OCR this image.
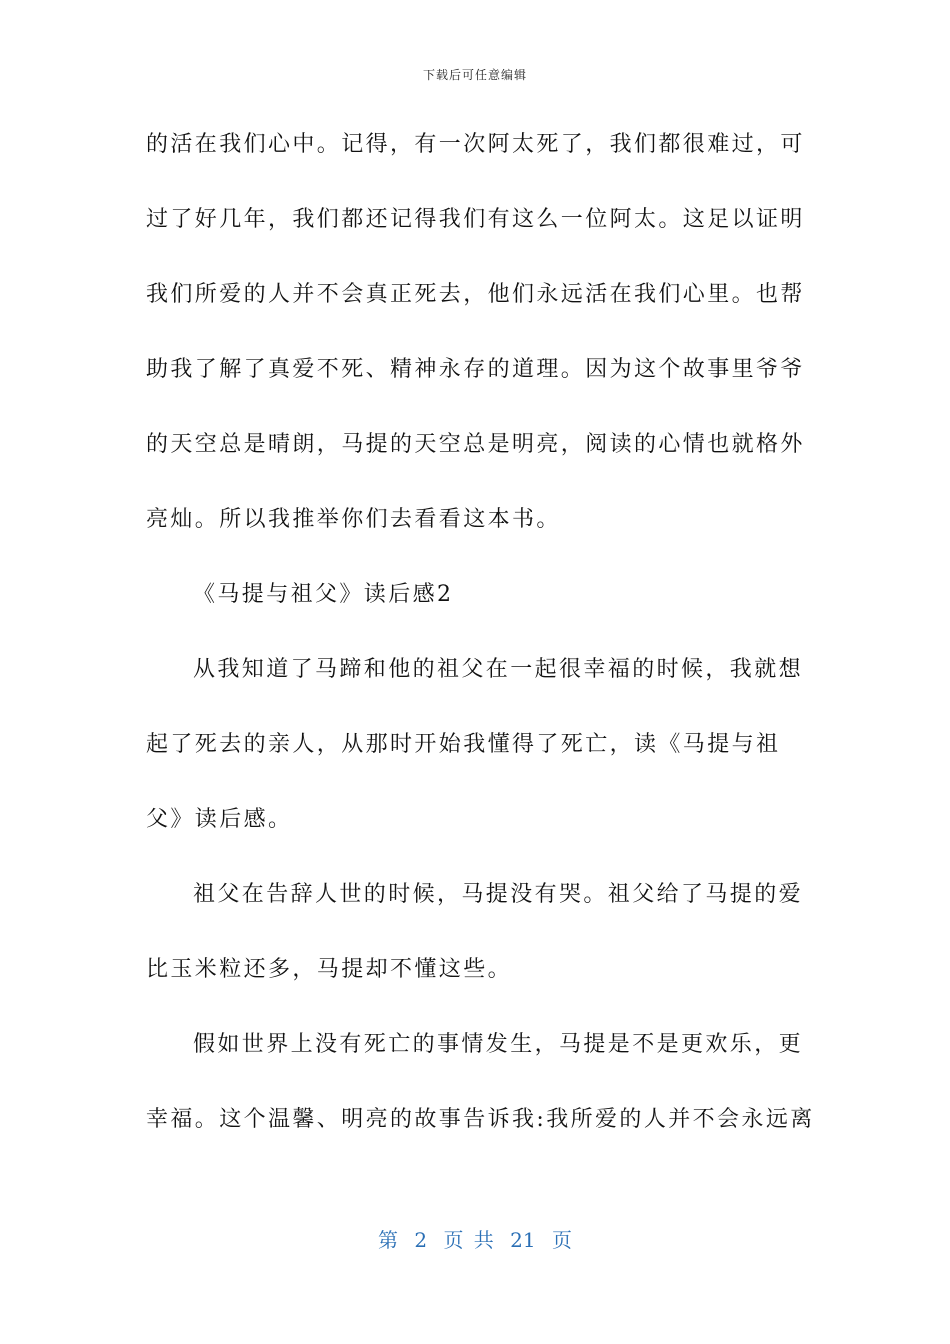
下载后可任意编辑
的活在我们心中。记得，有一次阿太死了，我们都很难过，可
过了好几年，我们都还记得我们有这么一位阿太。这足以证明
我们所爱的人并不会真正死去，他们永远活在我们心里。也帮
助我了解了真爱不死、精神永存的道理。因为这个故事里爷爷
的天空总是晴朗，马提的天空总是明亮，阅读的心情也就格外
亮灿。所以我推举你们去看看这本书。
《马提与祖父》读后感2
从我知道了马蹄和他的祖父在一起很幸福的时候，我就想
起了死去的亲人，从那时开始我懂得了死亡，读《马提与祖
父》读后感。
祖父在告辞人世的时候，马提没有哭。祖父给了马提的爱
比玉米粒还多，马提却不懂这些。
假如世界上没有死亡的事情发生，马提是不是更欢乐，更
幸福。这个温馨、明亮的故事告诉我:我所爱的人并不会永远离
第 2 页 共 21 页
